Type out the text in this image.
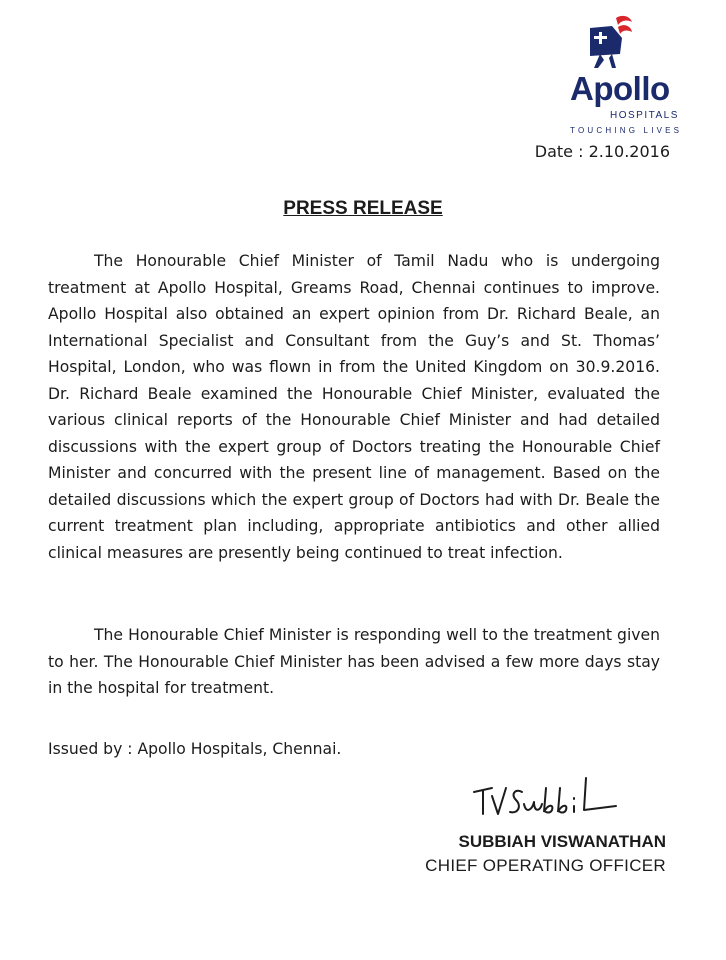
Apollo
HOSPITALS
TOUCHING LIVES
Date : 2.10.2016
PRESS RELEASE

The Honourable Chief Minister of Tamil Nadu who is undergoing treatment at Apollo Hospital, Greams Road, Chennai continues to improve. Apollo Hospital also obtained an expert opinion from Dr. Richard Beale, an International Specialist and Consultant from the Guy’s and St. Thomas’ Hospital, London, who was flown in from the United Kingdom on 30.9.2016. Dr. Richard Beale examined the Honourable Chief Minister, evaluated the various clinical reports of the Honourable Chief Minister and had detailed discussions with the expert group of Doctors treating the Honourable Chief Minister and concurred with the present line of management. Based on the detailed discussions which the expert group of Doctors had with Dr. Beale the current treatment plan including, appropriate antibiotics and other allied clinical measures are presently being continued to treat infection.

The Honourable Chief Minister is responding well to the treatment given to her. The Honourable Chief Minister has been advised a few more days stay in the hospital for treatment.

Issued by : Apollo Hospitals, Chennai.
SUBBIAH VISWANATHAN
CHIEF OPERATING OFFICER
